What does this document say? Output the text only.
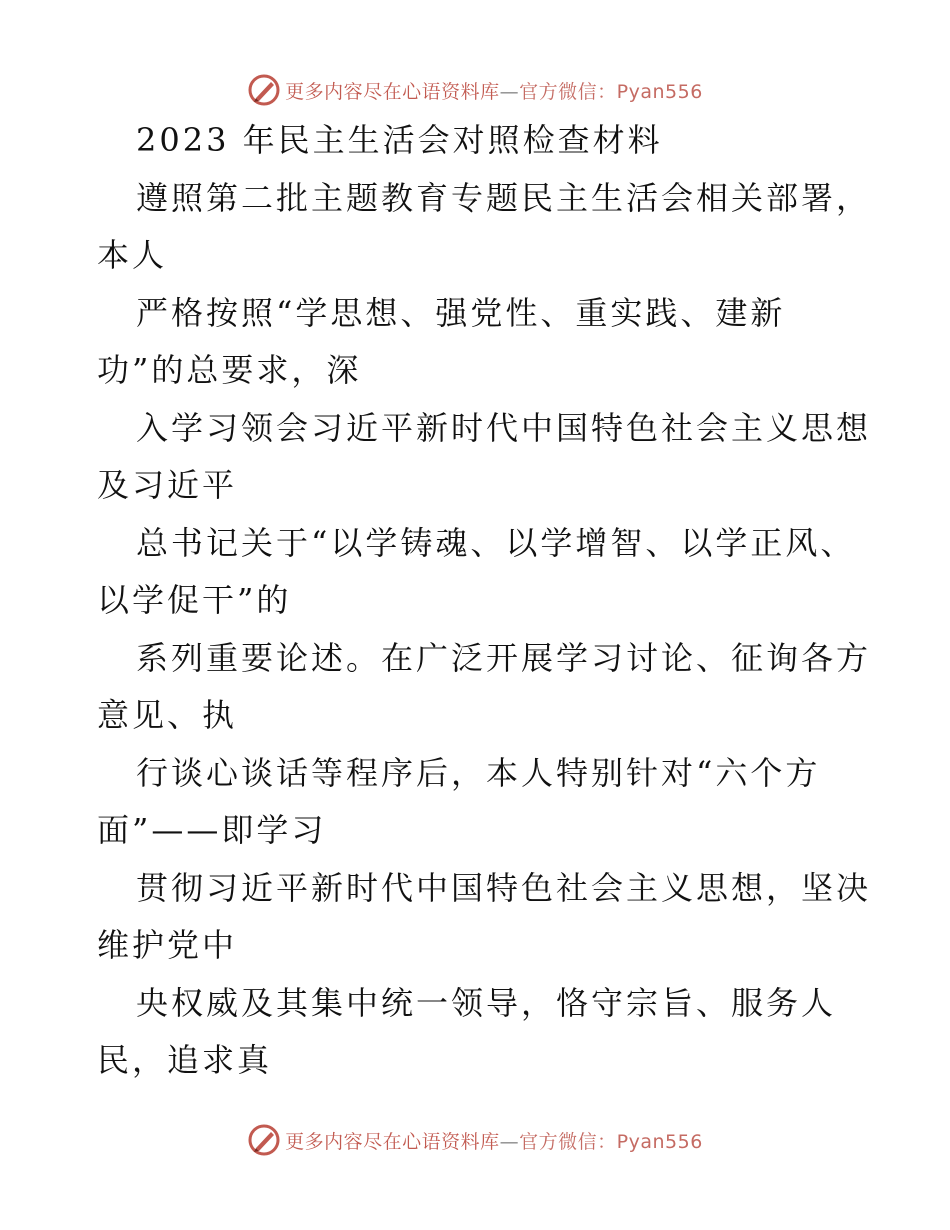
更多内容尽在心语资料库—官方微信：Pyan556
2023 年民主生活会对照检查材料
遵照第二批主题教育专题民主生活会相关部署，
本人
严格按照“学思想、强党性、重实践、建新
功”的总要求，深
入学习领会习近平新时代中国特色社会主义思想
及习近平
总书记关于“以学铸魂、以学增智、以学正风、
以学促干”的
系列重要论述。在广泛开展学习讨论、征询各方
意见、执
行谈心谈话等程序后，本人特别针对“六个方
面”——即学习
贯彻习近平新时代中国特色社会主义思想，坚决
维护党中
央权威及其集中统一领导，恪守宗旨、服务人
民，追求真
更多内容尽在心语资料库—官方微信：Pyan556
